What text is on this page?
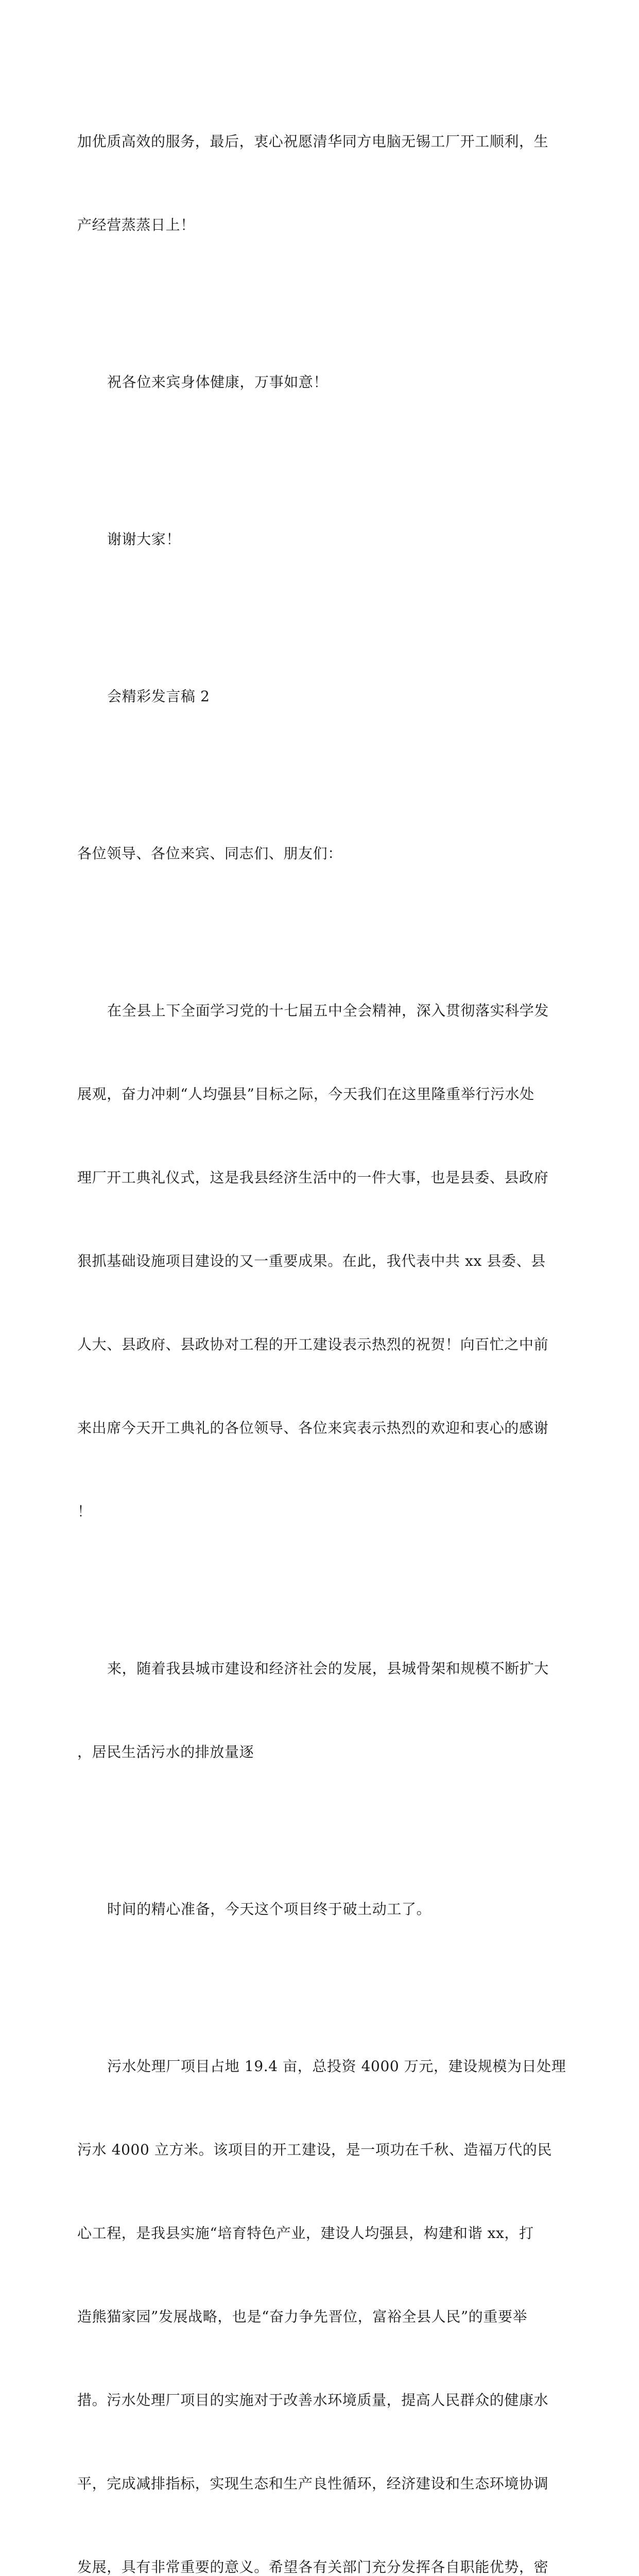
加优质高效的服务，最后，衷心祝愿清华同方电脑无锡工厂开工顺利，生

产经营蒸蒸日上！

祝各位来宾身体健康，万事如意！

谢谢大家！

会精彩发言稿 2

各位领导、各位来宾、同志们、朋友们：

在全县上下全面学习党的十七届五中全会精神，深入贯彻落实科学发

展观，奋力冲刺“人均强县”目标之际，今天我们在这里隆重举行污水处

理厂开工典礼仪式，这是我县经济生活中的一件大事，也是县委、县政府

狠抓基础设施项目建设的又一重要成果。在此，我代表中共 xx 县委、县

人大、县政府、县政协对工程的开工建设表示热烈的祝贺！向百忙之中前

来出席今天开工典礼的各位领导、各位来宾表示热烈的欢迎和衷心的感谢

！

来，随着我县城市建设和经济社会的发展，县城骨架和规模不断扩大

，居民生活污水的排放量逐

时间的精心准备，今天这个项目终于破土动工了。

污水处理厂项目占地 19.4 亩，总投资 4000 万元，建设规模为日处理

污水 4000 立方米。该项目的开工建设，是一项功在千秋、造福万代的民

心工程，是我县实施“培育特色产业，建设人均强县，构建和谐 xx，打

造熊猫家园”发展战略，也是“奋力争先晋位，富裕全县人民”的重要举

措。污水处理厂项目的实施对于改善水环境质量，提高人民群众的健康水

平，完成减排指标，实现生态和生产良性循环，经济建设和生态环境协调

发展，具有非常重要的意义。希望各有关部门充分发挥各自职能优势，密
